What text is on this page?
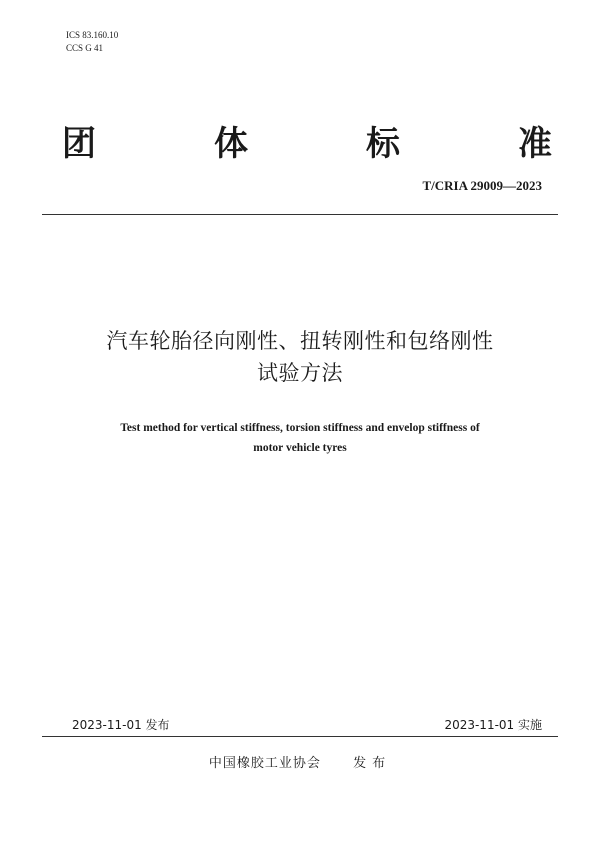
ICS 83.160.10
CCS G 41
团	体	标	准
T/CRIA 29009—2023
汽车轮胎径向刚性、扭转刚性和包络刚性
试验方法
Test method for vertical stiffness, torsion stiffness and envelop stiffness of
motor vehicle tyres
2023-11-01 发布	2023-11-01 实施
中国橡胶工业协会 发布
